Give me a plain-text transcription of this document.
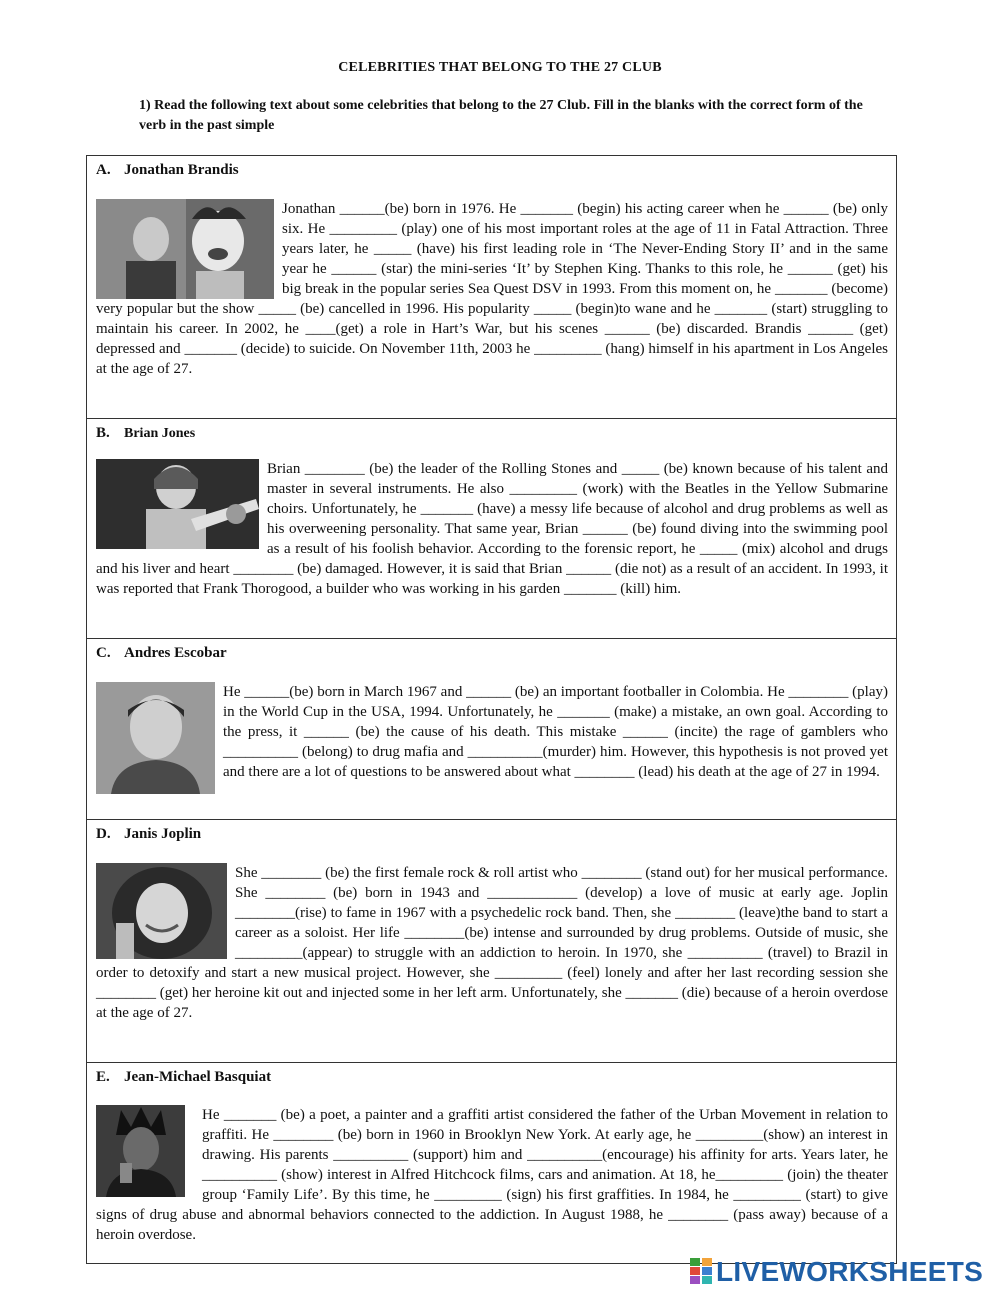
CELEBRITIES THAT BELONG TO THE 27 CLUB
1) Read the following text about some celebrities that belong to the 27 Club. Fill in the blanks with the correct form of the verb in the past simple
A. Jonathan Brandis
Jonathan ______(be) born in 1976. He _______ (begin) his acting career when he ______ (be) only six. He _________ (play) one of his most important roles at the age of 11 in Fatal Attraction. Three years later, he _____ (have) his first leading role in ‘The Never-Ending Story II’ and in the same year he ______ (star) the mini-series ‘It’ by Stephen King. Thanks to this role, he ______ (get) his big break in the popular series Sea Quest DSV in 1993. From this moment on, he _______ (become) very popular but the show _____ (be) cancelled in 1996. His popularity _____ (begin)to wane and he _______ (start) struggling to maintain his career. In 2002, he ____(get) a role in Hart’s War, but his scenes ______ (be) discarded. Brandis ______ (get) depressed and _______ (decide) to suicide. On November 11th, 2003 he _________ (hang) himself in his apartment in Los Angeles at the age of 27.
B. Brian Jones
Brian ________ (be) the leader of the Rolling Stones and _____ (be) known because of his talent and master in several instruments. He also _________ (work) with the Beatles in the Yellow Submarine choirs. Unfortunately, he _______ (have) a messy life because of alcohol and drug problems as well as his overweening personality. That same year, Brian ______ (be) found diving into the swimming pool as a result of his foolish behavior. According to the forensic report, he _____ (mix) alcohol and drugs and his liver and heart ________ (be) damaged. However, it is said that Brian ______ (die not) as a result of an accident. In 1993, it was reported that Frank Thorogood, a builder who was working in his garden _______ (kill) him.
C. Andres Escobar
He ______(be) born in March 1967 and ______ (be) an important footballer in Colombia. He ________ (play) in the World Cup in the USA, 1994. Unfortunately, he _______ (make) a mistake, an own goal. According to the press, it ______ (be) the cause of his death. This mistake ______ (incite) the rage of gamblers who __________ (belong) to drug mafia and __________(murder) him. However, this hypothesis is not proved yet and there are a lot of questions to be answered about what ________ (lead) his death at the age of 27 in 1994.
D. Janis Joplin
She ________ (be) the first female rock & roll artist who ________ (stand out) for her musical performance. She ________ (be) born in 1943 and ____________ (develop) a love of music at early age. Joplin ________(rise) to fame in 1967 with a psychedelic rock band. Then, she ________ (leave)the band to start a career as a soloist. Her life ________(be) intense and surrounded by drug problems. Outside of music, she _________(appear) to struggle with an addiction to heroin. In 1970, she __________ (travel) to Brazil in order to detoxify and start a new musical project. However, she _________ (feel) lonely and after her last recording session she ________ (get) her heroine kit out and injected some in her left arm. Unfortunately, she _______ (die) because of a heroin overdose at the age of 27.
E. Jean-Michael Basquiat
He _______ (be) a poet, a painter and a graffiti artist considered the father of the Urban Movement in relation to graffiti. He ________ (be) born in 1960 in Brooklyn New York. At early age, he _________(show) an interest in drawing. His parents __________ (support) him and __________(encourage) his affinity for arts. Years later, he __________ (show) interest in Alfred Hitchcock films, cars and animation. At 18, he_________ (join) the theater group ‘Family Life’. By this time, he _________ (sign) his first graffities. In 1984, he _________ (start) to give signs of drug abuse and abnormal behaviors connected to the addiction. In August 1988, he ________ (pass away) because of a heroin overdose.
LIVEWORKSHEETS
